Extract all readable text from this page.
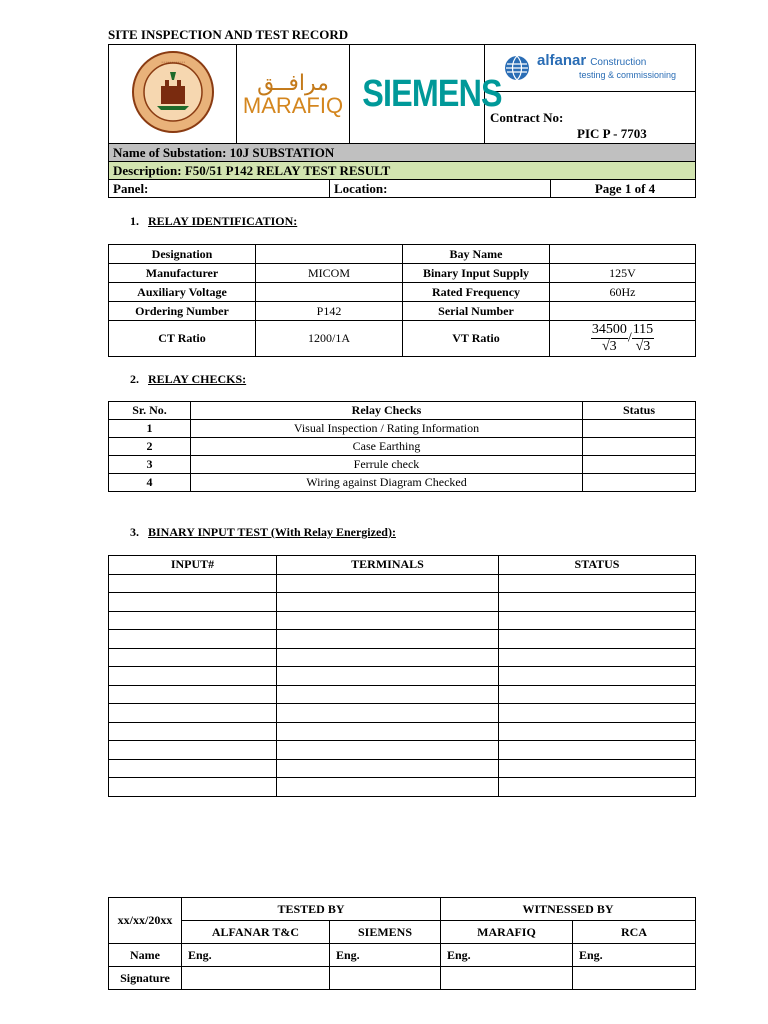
SITE INSPECTION AND TEST RECORD
⋯⋯⋯⋯

مرافــق
MARAFIQ	SIEMENS	
alfanar Construction
testing & commissioning

Contract No:
PIC P - 7703
Name of Substation: 10J SUBSTATION
Description: F50/51 P142 RELAY TEST RESULT
Panel:	Location:	Page 1 of 4
1. RELAY IDENTIFICATION:
Designation		Bay Name	
Manufacturer	MICOM	Binary Input Supply	125V
Auxiliary Voltage		Rated Frequency	60Hz
Ordering Number	P142	Serial Number	
CT Ratio	1200/1A	VT Ratio	$\frac{34500}{√3} / \frac{115}{√3}$
2. RELAY CHECKS:
Sr. No.	Relay Checks	Status
1	Visual Inspection / Rating Information	
2	Case Earthing	
3	Ferrule check	
4	Wiring against Diagram Checked	
3. BINARY INPUT TEST (With Relay Energized):
INPUT#	TERMINALS	STATUS

xx/xx/20xx	TESTED BY		WITNESSED BY	
	ALFANAR T&C	SIEMENS	MARAFIQ	RCA
Name	Eng.	Eng.	Eng.	Eng.
Signature				
